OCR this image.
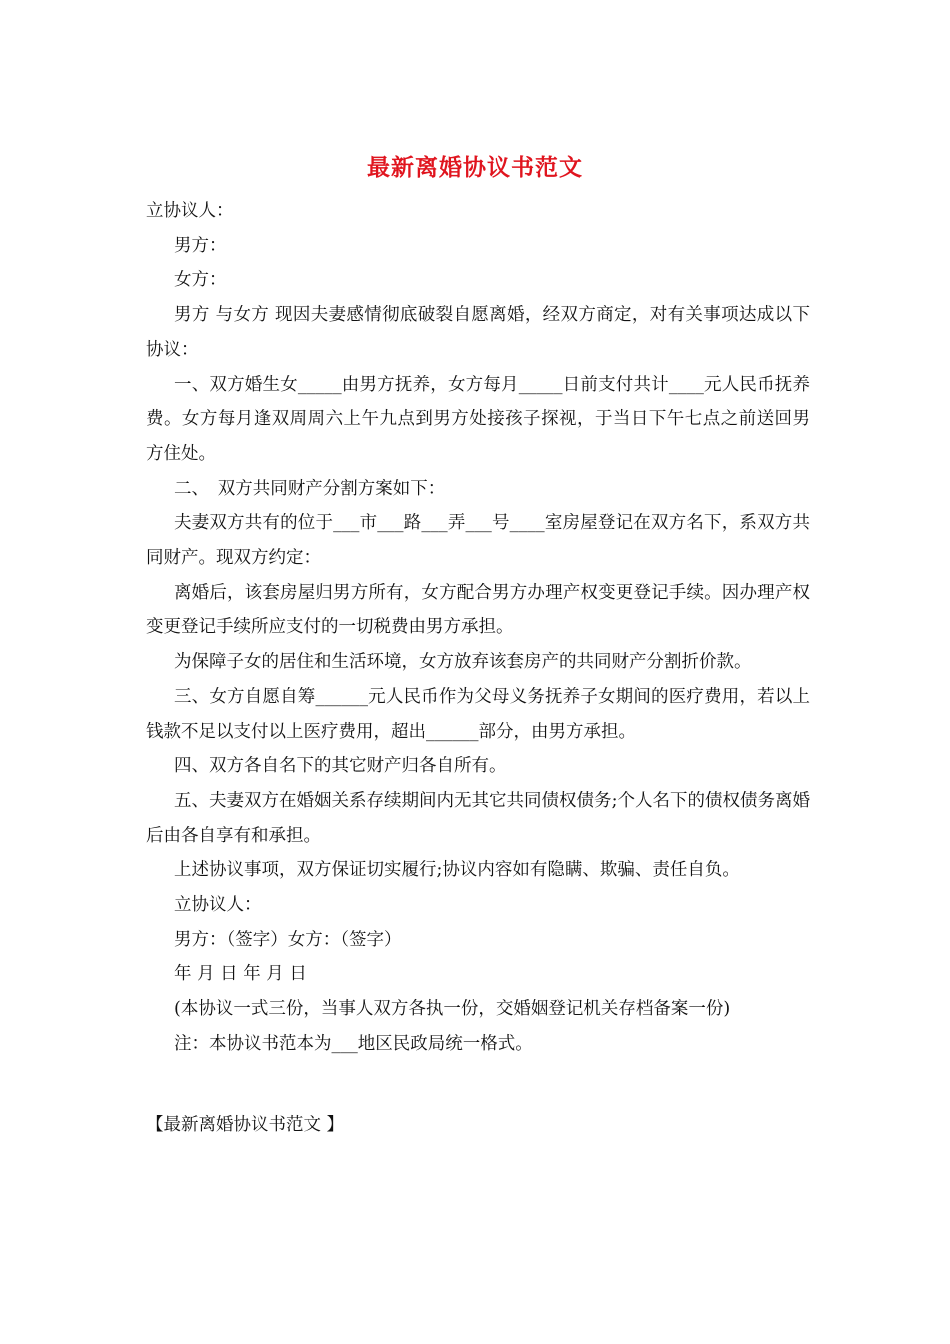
最新离婚协议书范文

立协议人：

男方：

女方：

男方 与女方 现因夫妻感情彻底破裂自愿离婚，经双方商定，对有关事项达成以下协议：

一、双方婚生女_____由男方抚养，女方每月_____日前支付共计____元人民币抚养费。女方每月逢双周周六上午九点到男方处接孩子探视，于当日下午七点之前送回男方住处。

二、　双方共同财产分割方案如下：

夫妻双方共有的位于___市___路___弄___号____室房屋登记在双方名下，系双方共同财产。现双方约定：

离婚后，该套房屋归男方所有，女方配合男方办理产权变更登记手续。因办理产权变更登记手续所应支付的一切税费由男方承担。

为保障子女的居住和生活环境，女方放弃该套房产的共同财产分割折价款。

三、女方自愿自筹______元人民币作为父母义务抚养子女期间的医疗费用，若以上钱款不足以支付以上医疗费用，超出______部分，由男方承担。

四、双方各自名下的其它财产归各自所有。

五、夫妻双方在婚姻关系存续期间内无其它共同债权债务;个人名下的债权债务离婚后由各自享有和承担。

上述协议事项，双方保证切实履行;协议内容如有隐瞒、欺骗、责任自负。

立协议人：

男方：（签字）女方：（签字）

年 月 日 年 月 日

(本协议一式三份，当事人双方各执一份，交婚姻登记机关存档备案一份)

注：本协议书范本为___地区民政局统一格式。

【最新离婚协议书范文 】
